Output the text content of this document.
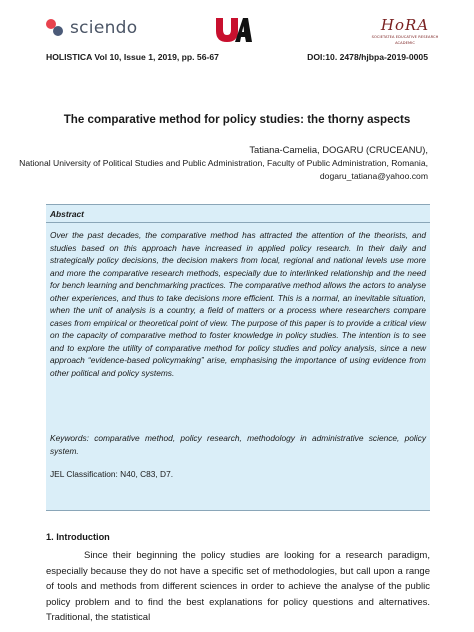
sciendo
UA	HoRA
SOCIETATEA EDUCATIVE RESEARCH ACADEMIC
HOLISTICA Vol 10, Issue 1, 2019, pp. 56-67	DOI:10. 2478/hjbpa-2019-0005
The comparative method for policy studies: the thorny aspects
Tatiana-Camelia, DOGARU (CRUCEANU),
National University of Political Studies and Public Administration, Faculty of Public Administration, Romania,
dogaru_tatiana@yahoo.com
Abstract
Over the past decades, the comparative method has attracted the attention of the theorists, and studies based on this approach have increased in applied policy research. In their daily and strategically policy decisions, the decision makers from local, regional and national levels use more and more the comparative research methods, especially due to interlinked relationship and the need for bench learning and benchmarking practices. The comparative method allows the actors to analyse other experiences, and thus to take decisions more efficient. This is a normal, an inevitable situation, when the unit of analysis is a country, a field of matters or a process where researchers compare cases from empirical or theoretical point of view. The purpose of this paper is to provide a critical view on the capacity of comparative method to foster knowledge in policy studies. The intention is to see and to explore the utility of comparative method for policy studies and policy analysis, since a new approach “evidence-based policymaking” arise, emphasising the importance of using evidence from other political and policy systems.
Keywords: comparative method, policy research, methodology in administrative science, policy system.
JEL Classification: N40, C83, D7.
1. Introduction
Since their beginning the policy studies are looking for a research paradigm, especially because they do not have a specific set of methodologies, but call upon a range of tools and methods from different sciences in order to achieve the analyse of the public policy problem and to find the best explanations for policy questions and alternatives. Traditional, the statistical
